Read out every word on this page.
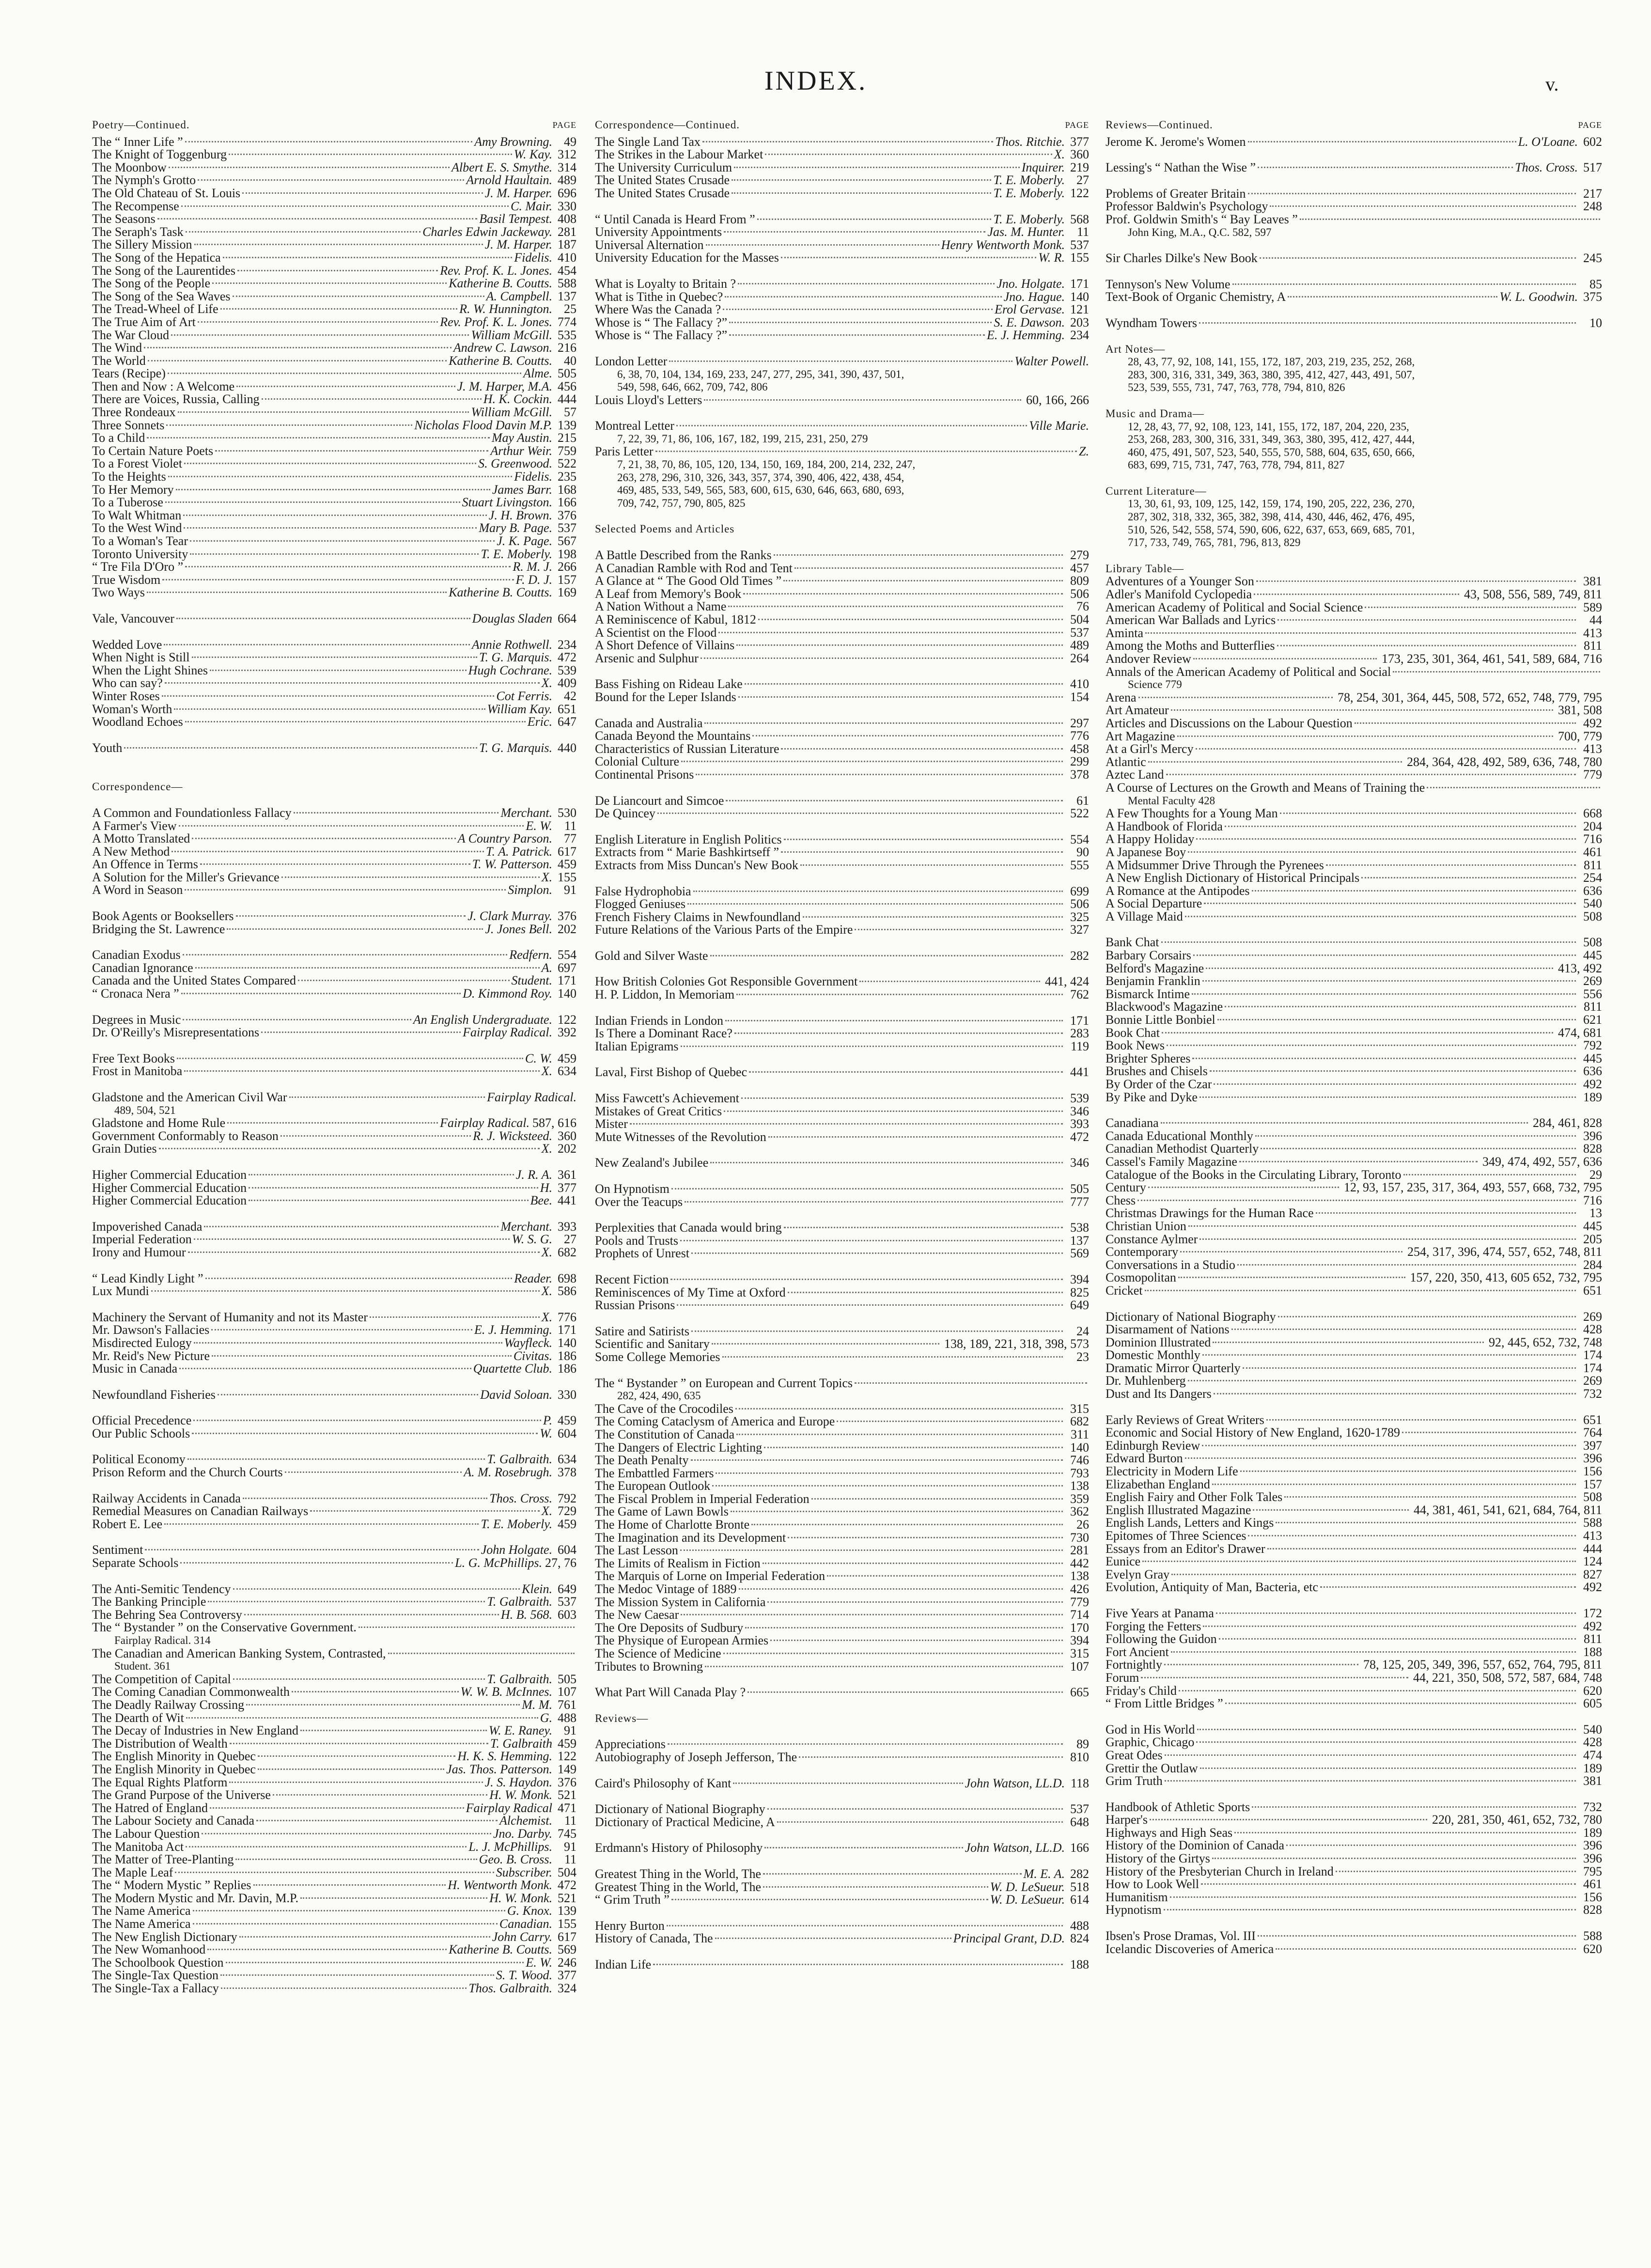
INDEX.	v.
Poetry—Continued.	PAGE
The “ Inner Life ”	Amy Browning. 49
The Knight of Toggenburg	W. Kay. 312
The Moonbow	Albert E. S. Smythe. 314
The Nymph's Grotto	Arnold Haultain. 489
The Old Chateau of St. Louis	J. M. Harper. 696
The Recompense	C. Mair. 330
The Seasons	Basil Tempest. 408
The Seraph's Task	Charles Edwin Jackeway. 281
The Sillery Mission	J. M. Harper. 187
The Song of the Hepatica	Fidelis. 410
The Song of the Laurentides	Rev. Prof. K. L. Jones. 454
The Song of the People	Katherine B. Coutts. 588
The Song of the Sea Waves	A. Campbell. 137
The Tread-Wheel of Life	R. W. Hunnington. 25
The True Aim of Art	Rev. Prof. K. L. Jones. 774
The War Cloud	William McGill. 535
The Wind	Andrew C. Lawson. 216
The World	Katherine B. Coutts. 40
Tears (Recipe)	Alme. 505
Then and Now : A Welcome	J. M. Harper, M.A. 456
There are Voices, Russia, Calling	H. K. Cockin. 444
Three Rondeaux	William McGill. 57
Three Sonnets	Nicholas Flood Davin M.P. 139
To a Child	May Austin. 215
To Certain Nature Poets	Arthur Weir. 759
To a Forest Violet	S. Greenwood. 522
To the Heights	Fidelis. 235
To Her Memory	James Barr. 168
To a Tuberose	Stuart Livingston. 166
To Walt Whitman	J. H. Brown. 376
To the West Wind	Mary B. Page. 537
To a Woman's Tear	J. K. Page. 567
Toronto University	T. E. Moberly. 198
“ Tre Fila D'Oro ”	R. M. J. 266
True Wisdom	F. D. J. 157
Two Ways	Katherine B. Coutts. 169
Vale, Vancouver	Douglas Sladen 664
Wedded Love	Annie Rothwell. 234
When Night is Still	T. G. Marquis. 472
When the Light Shines	Hugh Cochrane. 539
Who can say?	X. 409
Winter Roses	Cot Ferris. 42
Woman's Worth	William Kay. 651
Woodland Echoes	Eric. 647
Youth	T. G. Marquis. 440
Correspondence—
A Common and Foundationless Fallacy	Merchant. 530
A Farmer's View	E. W. 11
A Motto Translated	A Country Parson. 77
A New Method	T. A. Patrick. 617
An Offence in Terms	T. W. Patterson. 459
A Solution for the Miller's Grievance	X. 155
A Word in Season	Simplon. 91
Book Agents or Booksellers	J. Clark Murray. 376
Bridging the St. Lawrence	J. Jones Bell. 202
Canadian Exodus	Redfern. 554
Canadian Ignorance	A. 697
Canada and the United States Compared	Student. 171
“ Cronaca Nera ”	D. Kimmond Roy. 140
Degrees in Music	An English Undergraduate. 122
Dr. O'Reilly's Misrepresentations	Fairplay Radical. 392
Free Text Books	C. W. 459
Frost in Manitoba	X. 634
Gladstone and the American Civil War	Fairplay Radical.
489, 504, 521
Gladstone and Home Rule	Fairplay Radical. 587, 616
Government Conformably to Reason	R. J. Wicksteed. 360
Grain Duties	X. 202
Higher Commercial Education	J. R. A. 361
Higher Commercial Education	H. 377
Higher Commercial Education	Bee. 441
Impoverished Canada	Merchant. 393
Imperial Federation	W. S. G. 27
Irony and Humour	X. 682
“ Lead Kindly Light ”	Reader. 698
Lux Mundi	X. 586
Machinery the Servant of Humanity and not its Master	X. 776
Mr. Dawson's Fallacies	E. J. Hemming. 171
Misdirected Eulogy	Wayfleck. 140
Mr. Reid's New Picture	Civitas. 186
Music in Canada	Quartette Club. 186
Newfoundland Fisheries	David Soloan. 330
Official Precedence	P. 459
Our Public Schools	W. 604
Political Economy	T. Galbraith. 634
Prison Reform and the Church Courts	A. M. Rosebrugh. 378
Railway Accidents in Canada	Thos. Cross. 792
Remedial Measures on Canadian Railways	X. 729
Robert E. Lee	T. E. Moberly. 459
Sentiment	John Holgate. 604
Separate Schools	L. G. McPhillips. 27, 76
The Anti-Semitic Tendency	Klein. 649
The Banking Principle	T. Galbraith. 537
The Behring Sea Controversy	H. B. 568. 603
The “ Bystander ” on the Conservative Government.
Fairplay Radical. 314
The Canadian and American Banking System, Contrasted,
Student. 361
The Competition of Capital	T. Galbraith. 505
The Coming Canadian Commonwealth	W. W. B. McInnes. 107
The Deadly Railway Crossing	M. M. 761
The Dearth of Wit	G. 488
The Decay of Industries in New England	W. E. Raney. 91
The Distribution of Wealth	T. Galbraith 459
The English Minority in Quebec	H. K. S. Hemming. 122
The English Minority in Quebec	Jas. Thos. Patterson. 149
The Equal Rights Platform	J. S. Haydon. 376
The Grand Purpose of the Universe	H. W. Monk. 521
The Hatred of England	Fairplay Radical 471
The Labour Society and Canada	Alchemist. 11
The Labour Question	Jno. Darby. 745
The Manitoba Act	L. J. McPhillips. 91
The Matter of Tree-Planting	Geo. B. Cross. 11
The Maple Leaf	Subscriber. 504
The “ Modern Mystic ” Replies	H. Wentworth Monk. 472
The Modern Mystic and Mr. Davin, M.P.	H. W. Monk. 521
The Name America	G. Knox. 139
The Name America	Canadian. 155
The New English Dictionary	John Carry. 617
The New Womanhood	Katherine B. Coutts. 569
The Schoolbook Question	E. W. 246
The Single-Tax Question	S. T. Wood. 377
The Single-Tax a Fallacy	Thos. Galbraith. 324
Correspondence—Continued.	PAGE
The Single Land Tax	Thos. Ritchie. 377
The Strikes in the Labour Market	X. 360
The University Curriculum	Inquirer. 219
The United States Crusade	T. E. Moberly. 27
The United States Crusade	T. E. Moberly. 122
“ Until Canada is Heard From ”	T. E. Moberly. 568
University Appointments	Jas. M. Hunter. 11
Universal Alternation	Henry Wentworth Monk. 537
University Education for the Masses	W. R. 155
What is Loyalty to Britain ?	Jno. Holgate. 171
What is Tithe in Quebec?	Jno. Hague. 140
Where Was the Canada ?	Erol Gervase. 121
Whose is “ The Fallacy ?”	S. E. Dawson. 203
Whose is “ The Fallacy ?”	E. J. Hemming. 234
London Letter	Walter Powell.
6, 38, 70, 104, 134, 169, 233, 247, 277, 295, 341, 390, 437, 501,
549, 598, 646, 662, 709, 742, 806
Louis Lloyd's Letters	60, 166, 266
Montreal Letter	Ville Marie.
7, 22, 39, 71, 86, 106, 167, 182, 199, 215, 231, 250, 279
Paris Letter	Z.
7, 21, 38, 70, 86, 105, 120, 134, 150, 169, 184, 200, 214, 232, 247,
263, 278, 296, 310, 326, 343, 357, 374, 390, 406, 422, 438, 454,
469, 485, 533, 549, 565, 583, 600, 615, 630, 646, 663, 680, 693,
709, 742, 757, 790, 805, 825
Selected Poems and Articles
A Battle Described from the Ranks	279
A Canadian Ramble with Rod and Tent	457
A Glance at “ The Good Old Times ”	809
A Leaf from Memory's Book	506
A Nation Without a Name	76
A Reminiscence of Kabul, 1812	504
A Scientist on the Flood	537
A Short Defence of Villains	489
Arsenic and Sulphur	264
Bass Fishing on Rideau Lake	410
Bound for the Leper Islands	154
Canada and Australia	297
Canada Beyond the Mountains	776
Characteristics of Russian Literature	458
Colonial Culture	299
Continental Prisons	378
De Liancourt and Simcoe	61
De Quincey	522
English Literature in English Politics	554
Extracts from “ Marie Bashkirtseff ”	90
Extracts from Miss Duncan's New Book	555
False Hydrophobia	699
Flogged Geniuses	506
French Fishery Claims in Newfoundland	325
Future Relations of the Various Parts of the Empire	327
Gold and Silver Waste	282
How British Colonies Got Responsible Government	441, 424
H. P. Liddon, In Memoriam	762
Indian Friends in London	171
Is There a Dominant Race?	283
Italian Epigrams	119
Laval, First Bishop of Quebec	441
Miss Fawcett's Achievement	539
Mistakes of Great Critics	346
Mister	393
Mute Witnesses of the Revolution	472
New Zealand's Jubilee	346
On Hypnotism	505
Over the Teacups	777
Perplexities that Canada would bring	538
Pools and Trusts	137
Prophets of Unrest	569
Recent Fiction	394
Reminiscences of My Time at Oxford	825
Russian Prisons	649
Satire and Satirists	24
Scientific and Sanitary	138, 189, 221, 318, 398, 573
Some College Memories	23
The “ Bystander ” on European and Current Topics
282, 424, 490, 635
The Cave of the Crocodiles	315
The Coming Cataclysm of America and Europe	682
The Constitution of Canada	311
The Dangers of Electric Lighting	140
The Death Penalty	746
The Embattled Farmers	793
The European Outlook	138
The Fiscal Problem in Imperial Federation	359
The Game of Lawn Bowls	362
The Home of Charlotte Bronte	26
The Imagination and its Development	730
The Last Lesson	281
The Limits of Realism in Fiction	442
The Marquis of Lorne on Imperial Federation	138
The Medoc Vintage of 1889	426
The Mission System in California	779
The New Caesar	714
The Ore Deposits of Sudbury	170
The Physique of European Armies	394
The Science of Medicine	315
Tributes to Browning	107
What Part Will Canada Play ?	665
Reviews—
Appreciations	89
Autobiography of Joseph Jefferson, The	810
Caird's Philosophy of Kant	John Watson, LL.D. 118
Dictionary of National Biography	537
Dictionary of Practical Medicine, A	648
Erdmann's History of Philosophy	John Watson, LL.D. 166
Greatest Thing in the World, The	M. E. A. 282
Greatest Thing in the World, The	W. D. LeSueur. 518
“ Grim Truth ”	W. D. LeSueur. 614
Henry Burton	488
History of Canada, The	Principal Grant, D.D. 824
Indian Life	188
Reviews—Continued.	PAGE
Jerome K. Jerome's Women	L. O'Loane. 602
Lessing's “ Nathan the Wise ”	Thos. Cross. 517
Problems of Greater Britain	217
Professor Baldwin's Psychology	248
Prof. Goldwin Smith's “ Bay Leaves ”
John King, M.A., Q.C. 582, 597
Sir Charles Dilke's New Book	245
Tennyson's New Volume	85
Text-Book of Organic Chemistry, A	W. L. Goodwin. 375
Wyndham Towers	10
Art Notes—
28, 43, 77, 92, 108, 141, 155, 172, 187, 203, 219, 235, 252, 268,
283, 300, 316, 331, 349, 363, 380, 395, 412, 427, 443, 491, 507,
523, 539, 555, 731, 747, 763, 778, 794, 810, 826
Music and Drama—
12, 28, 43, 77, 92, 108, 123, 141, 155, 172, 187, 204, 220, 235,
253, 268, 283, 300, 316, 331, 349, 363, 380, 395, 412, 427, 444,
460, 475, 491, 507, 523, 540, 555, 570, 588, 604, 635, 650, 666,
683, 699, 715, 731, 747, 763, 778, 794, 811, 827
Current Literature—
13, 30, 61, 93, 109, 125, 142, 159, 174, 190, 205, 222, 236, 270,
287, 302, 318, 332, 365, 382, 398, 414, 430, 446, 462, 476, 495,
510, 526, 542, 558, 574, 590, 606, 622, 637, 653, 669, 685, 701,
717, 733, 749, 765, 781, 796, 813, 829
Library Table—
Adventures of a Younger Son	381
Adler's Manifold Cyclopedia	43, 508, 556, 589, 749, 811
American Academy of Political and Social Science	589
American War Ballads and Lyrics	44
Aminta	413
Among the Moths and Butterflies	811
Andover Review	173, 235, 301, 364, 461, 541, 589, 684, 716
Annals of the American Academy of Political and Social
Science 779
Arena	78, 254, 301, 364, 445, 508, 572, 652, 748, 779, 795
Art Amateur	381, 508
Articles and Discussions on the Labour Question	492
Art Magazine	700, 779
At a Girl's Mercy	413
Atlantic	284, 364, 428, 492, 589, 636, 748, 780
Aztec Land	779
A Course of Lectures on the Growth and Means of Training the
Mental Faculty 428
A Few Thoughts for a Young Man	668
A Handbook of Florida	204
A Happy Holiday	716
A Japanese Boy	461
A Midsummer Drive Through the Pyrenees	811
A New English Dictionary of Historical Principals	254
A Romance at the Antipodes	636
A Social Departure	540
A Village Maid	508
Bank Chat	508
Barbary Corsairs	445
Belford's Magazine	413, 492
Benjamin Franklin	269
Bismarck Intime	556
Blackwood's Magazine	811
Bonnie Little Bonbiel	621
Book Chat	474, 681
Book News	792
Brighter Spheres	445
Brushes and Chisels	636
By Order of the Czar	492
By Pike and Dyke	189
Canadiana	284, 461, 828
Canada Educational Monthly	396
Canadian Methodist Quarterly	828
Cassel's Family Magazine	349, 474, 492, 557, 636
Catalogue of the Books in the Circulating Library, Toronto	29
Century	12, 93, 157, 235, 317, 364, 493, 557, 668, 732, 795
Chess	716
Christmas Drawings for the Human Race	13
Christian Union	445
Constance Aylmer	205
Contemporary	254, 317, 396, 474, 557, 652, 748, 811
Conversations in a Studio	284
Cosmopolitan	157, 220, 350, 413, 605 652, 732, 795
Cricket	651
Dictionary of National Biography	269
Disarmament of Nations	428
Dominion Illustrated	92, 445, 652, 732, 748
Domestic Monthly	174
Dramatic Mirror Quarterly	174
Dr. Muhlenberg	269
Dust and Its Dangers	732
Early Reviews of Great Writers	651
Economic and Social History of New England, 1620-1789	764
Edinburgh Review	397
Edward Burton	396
Electricity in Modern Life	156
Elizabethan England	157
English Fairy and Other Folk Tales	508
English Illustrated Magazine	44, 381, 461, 541, 621, 684, 764, 811
English Lands, Letters and Kings	588
Epitomes of Three Sciences	413
Essays from an Editor's Drawer	444
Eunice	124
Evelyn Gray	827
Evolution, Antiquity of Man, Bacteria, etc	492
Five Years at Panama	172
Forging the Fetters	492
Following the Guidon	811
Fort Ancient	188
Fortnightly	78, 125, 205, 349, 396, 557, 652, 764, 795, 811
Forum	44, 221, 350, 508, 572, 587, 684, 748
Friday's Child	620
“ From Little Bridges ”	605
God in His World	540
Graphic, Chicago	428
Great Odes	474
Grettir the Outlaw	189
Grim Truth	381
Handbook of Athletic Sports	732
Harper's	220, 281, 350, 461, 652, 732, 780
Highways and High Seas	189
History of the Dominion of Canada	396
History of the Girtys	396
History of the Presbyterian Church in Ireland	795
How to Look Well	461
Humanitism	156
Hypnotism	828
Ibsen's Prose Dramas, Vol. III	588
Icelandic Discoveries of America	620
